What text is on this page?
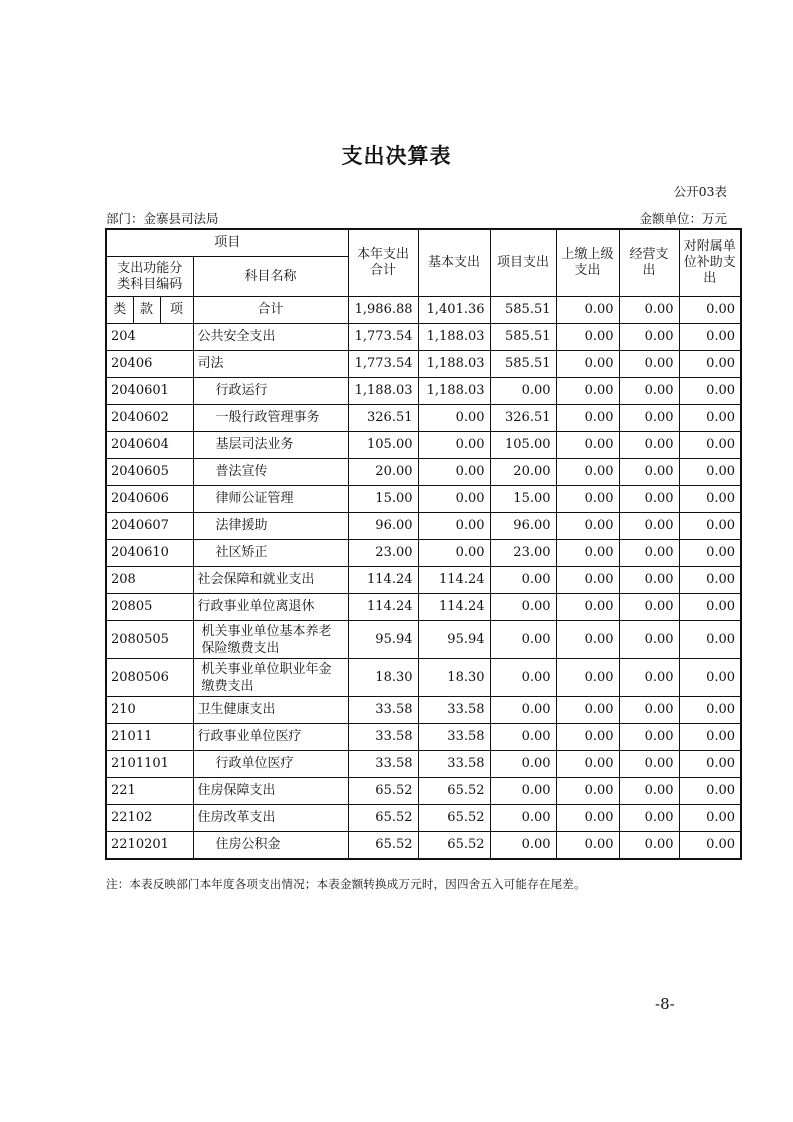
支出决算表
公开03表
部门：金寨县司法局	金额单位：万元
项目				本年支出合计	基本支出	项目支出	上缴上级支出	经营支出	对附属单位补助支出
支出功能分类科目编码			科目名称						
类	款	项	合计	1,986.88	1,401.36	585.51	0.00	0.00	0.00
204			公共安全支出	1,773.54	1,188.03	585.51	0.00	0.00	0.00
20406			司法	1,773.54	1,188.03	585.51	0.00	0.00	0.00
2040601			行政运行	1,188.03	1,188.03	0.00	0.00	0.00	0.00
2040602			一般行政管理事务	326.51	0.00	326.51	0.00	0.00	0.00
2040604			基层司法业务	105.00	0.00	105.00	0.00	0.00	0.00
2040605			普法宣传	20.00	0.00	20.00	0.00	0.00	0.00
2040606			律师公证管理	15.00	0.00	15.00	0.00	0.00	0.00
2040607			法律援助	96.00	0.00	96.00	0.00	0.00	0.00
2040610			社区矫正	23.00	0.00	23.00	0.00	0.00	0.00
208			社会保障和就业支出	114.24	114.24	0.00	0.00	0.00	0.00
20805			行政事业单位离退休	114.24	114.24	0.00	0.00	0.00	0.00
2080505			机关事业单位基本养老保险缴费支出	95.94	95.94	0.00	0.00	0.00	0.00
2080506			机关事业单位职业年金缴费支出	18.30	18.30	0.00	0.00	0.00	0.00
210			卫生健康支出	33.58	33.58	0.00	0.00	0.00	0.00
21011			行政事业单位医疗	33.58	33.58	0.00	0.00	0.00	0.00
2101101			行政单位医疗	33.58	33.58	0.00	0.00	0.00	0.00
221			住房保障支出	65.52	65.52	0.00	0.00	0.00	0.00
22102			住房改革支出	65.52	65.52	0.00	0.00	0.00	0.00
2210201			住房公积金	65.52	65.52	0.00	0.00	0.00	0.00
注：本表反映部门本年度各项支出情况；本表金额转换成万元时，因四舍五入可能存在尾差。
-8-
